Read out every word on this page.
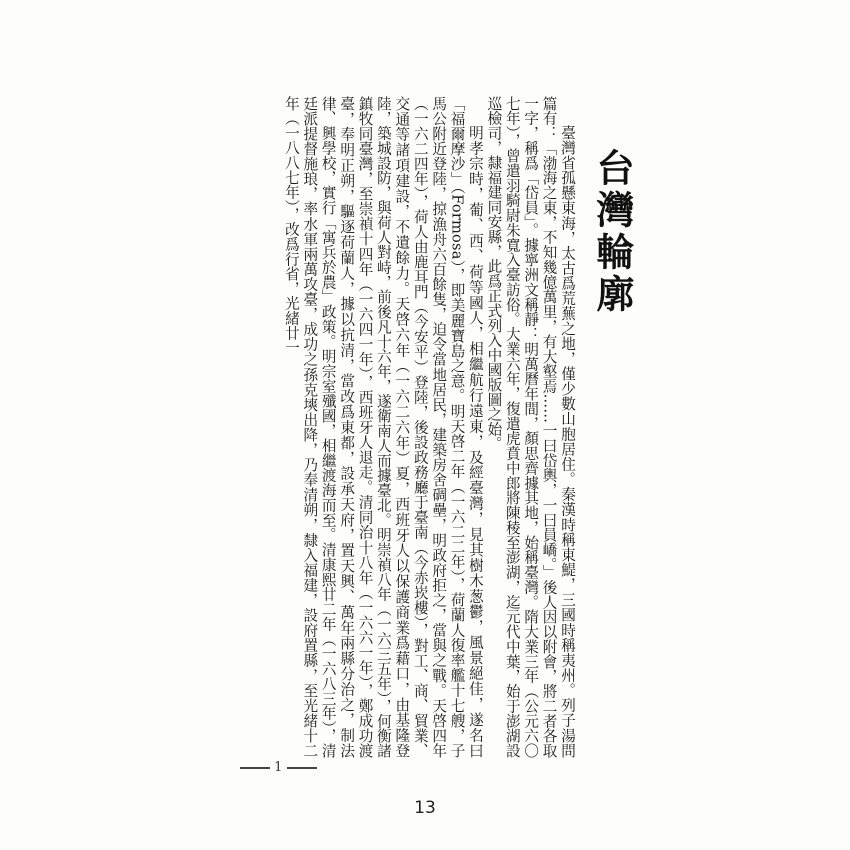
台灣輪廓

臺灣省孤懸東海，太古爲荒蕪之地，僅少數山胞居住。秦漢時稱東鯷，三國時稱夷州。列子湯問篇有：「渤海之東，不知幾億萬里，有大壑焉……一曰岱輿，一曰員嶠。」後人因以附會，將二者各取一字，稱爲「岱員」。據寧洲文稱靜：明萬曆年間，顏思齊據其地，始稱臺灣。隋大業三年（公元六〇七年），曾遣羽騎尉朱寬入臺訪俗。大業六年，復遣虎賁中郎將陳稜至澎湖，迄元代中葉，始于澎湖設巡檢司，隸福建同安縣，此爲正式列入中國版圖之始。

明孝宗時，葡、西、荷等國人，相繼航行遠東，及經臺灣，見其樹木葱鬱，風景絕佳，遂名曰「福爾摩沙」（Formosa），即美麗寶島之意。明天啓二年（一六二二年），荷蘭人復率艦十七艘，子馬公附近登陸，掠漁舟六百餘隻，迫令當地居民，建築房舍碉壘，明政府拒之，當與之戰。天啓四年（一六二四年），荷人由鹿耳門（今安平）登陸，後設政務廳于臺南（今赤崁樓），對工、商、貿業、交通等諸項建設，不遺餘力。天啓六年（一六二六年）夏，西班牙人以保護商業爲藉口，由基隆登陸，築城設防，與荷人對峙，前後凡十六年，遂衛南人而據臺北。明崇禎八年（一六三五年），何衡諸鎮牧同臺灣，至崇禎十四年（一六四一年），西班牙人退走。清同治十八年（一六六一年），鄭成功渡臺，奉明正朔，驅逐荷蘭人，據以抗清，當改爲東都，設承天府，置天興、萬年兩縣分治之，制法律、興學校，實行「寓兵於農」政策。明宗室殲國，相繼渡海而至。清康熙廿二年（一六八三年），清廷派提督施琅，率水軍兩萬攻臺，成功之孫克塽出降，乃奉清朔，隸入福建，設府置縣，至光緒十二年（一八八七年），改爲行省，光緒廿一

1
13
